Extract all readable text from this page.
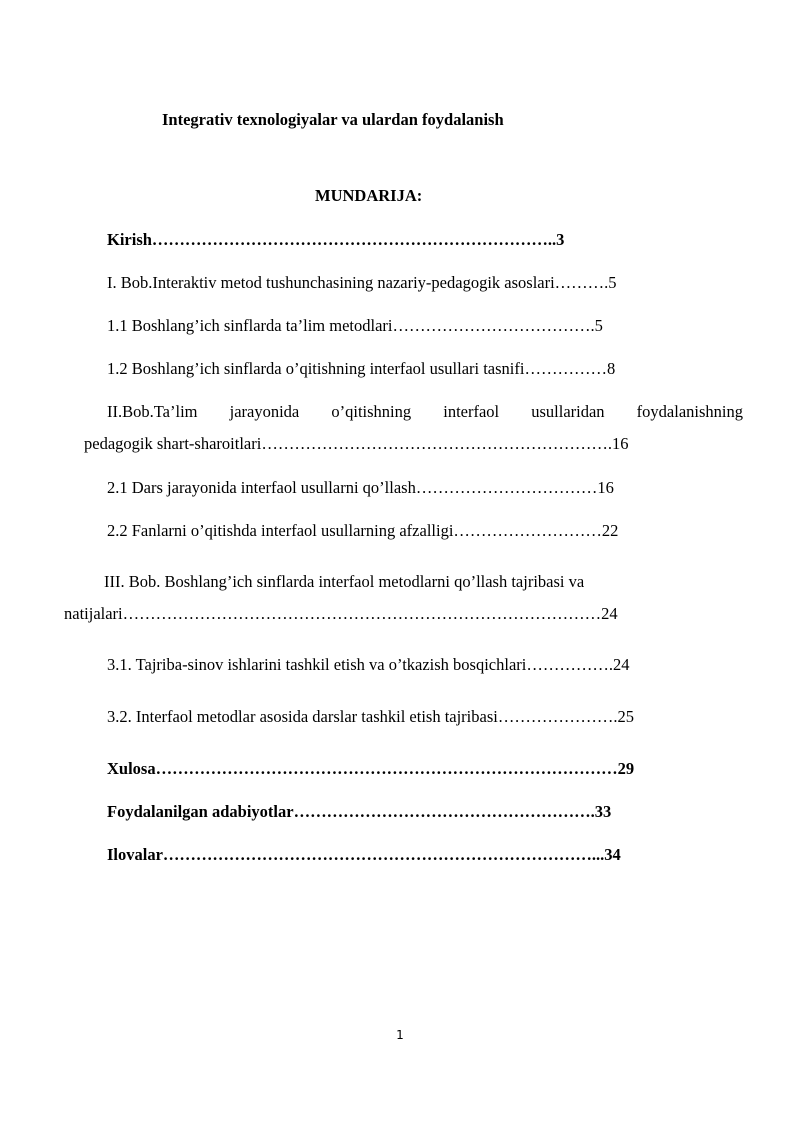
Integrativ texnologiyalar va ulardan foydalanish
MUNDARIJA:
Kirish………………………………………………………………..3
I. Bob.Interaktiv metod tushunchasining nazariy-pedagogik asoslari……….5
1.1 Boshlang’ich sinflarda ta’lim metodlari……………………………….5
1.2 Boshlang’ich sinflarda o’qitishning interfaol usullari tasnifi……………8
II.Bob.Ta’lim jarayonida o’qitishning interfaol usullaridan foydalanishning
pedagogik shart-sharoitlari……………………………………………………….16
2.1 Dars jarayonida interfaol usullarni qo’llash……………………………16
2.2 Fanlarni o’qitishda interfaol usullarning afzalligi………………………22
III. Bob. Boshlang’ich sinflarda interfaol metodlarni qo’llash tajribasi va
natijalari……………………………………………………………………………24
3.1. Tajriba-sinov ishlarini tashkil etish va o’tkazish bosqichlari…………….24
3.2. Interfaol metodlar asosida darslar tashkil etish tajribasi………………….25
Xulosa…………………………………………………………………………29
Foydalanilgan adabiyotlar……………………………………………….33
Ilovalar……………………………………………………………………...34
1
